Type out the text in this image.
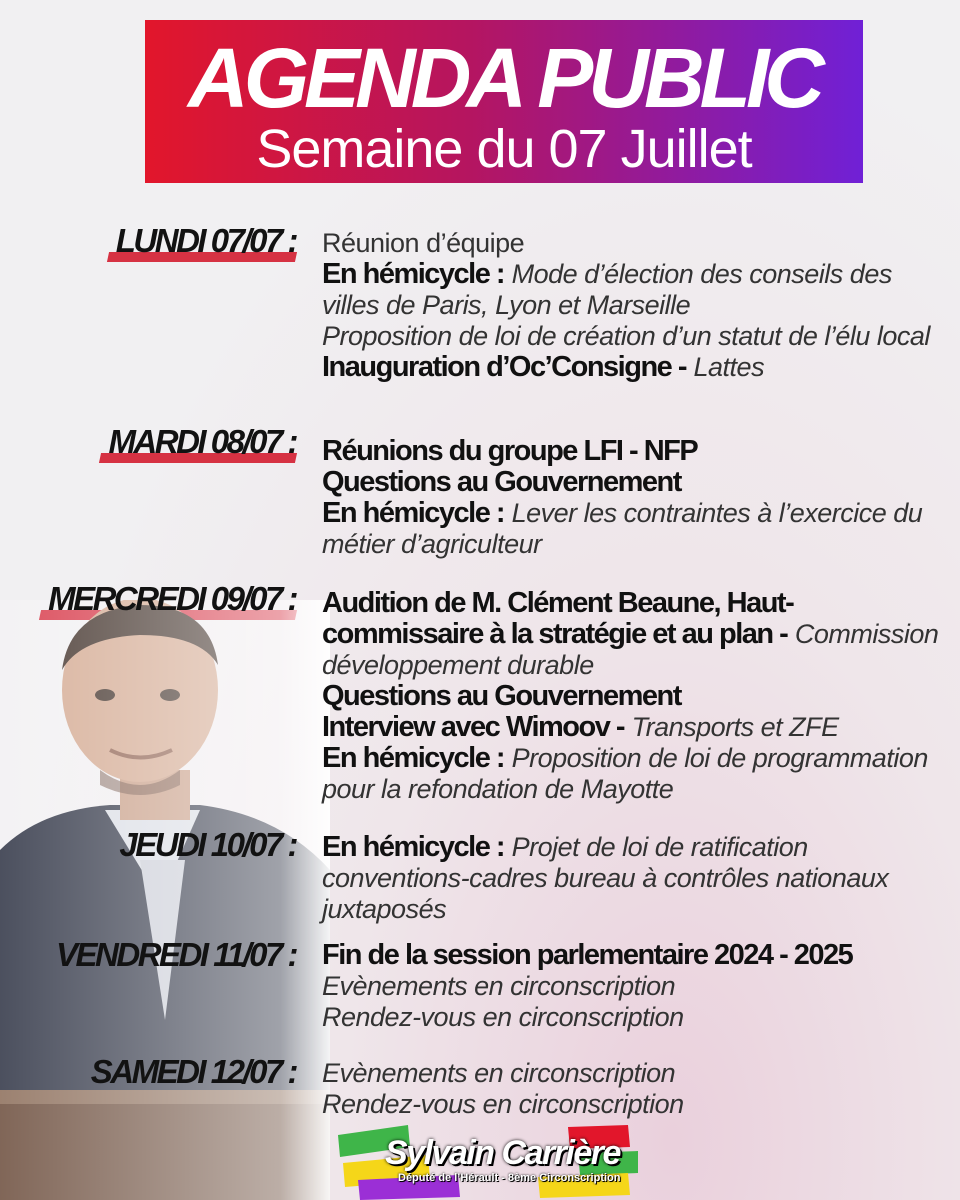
AGENDA PUBLIC
Semaine du 07 Juillet
LUNDI 07/07 : Réunion d’équipe
En hémicycle : Mode d’élection des conseils des villes de Paris, Lyon et Marseille
Proposition de loi de création d’un statut de l’élu local
Inauguration d’Oc’Consigne - Lattes
MARDI 08/07 : Réunions du groupe LFI - NFP
Questions au Gouvernement
En hémicycle : Lever les contraintes à l’exercice du métier d’agriculteur
MERCREDI 09/07 : Audition de M. Clément Beaune, Haut-commissaire à la stratégie et au plan - Commission développement durable
Questions au Gouvernement
Interview avec Wimoov - Transports et ZFE
En hémicycle : Proposition de loi de programmation pour la refondation de Mayotte
JEUDI 10/07 : En hémicycle : Projet de loi de ratification conventions-cadres bureau à contrôles nationaux juxtaposés
VENDREDI 11/07 : Fin de la session parlementaire 2024 - 2025
Evènements en circonscription
Rendez-vous en circonscription
SAMEDI 12/07 : Evènements en circonscription
Rendez-vous en circonscription
Sylvain Carrière
Député de l’Hérault - 8ème Circonscription
